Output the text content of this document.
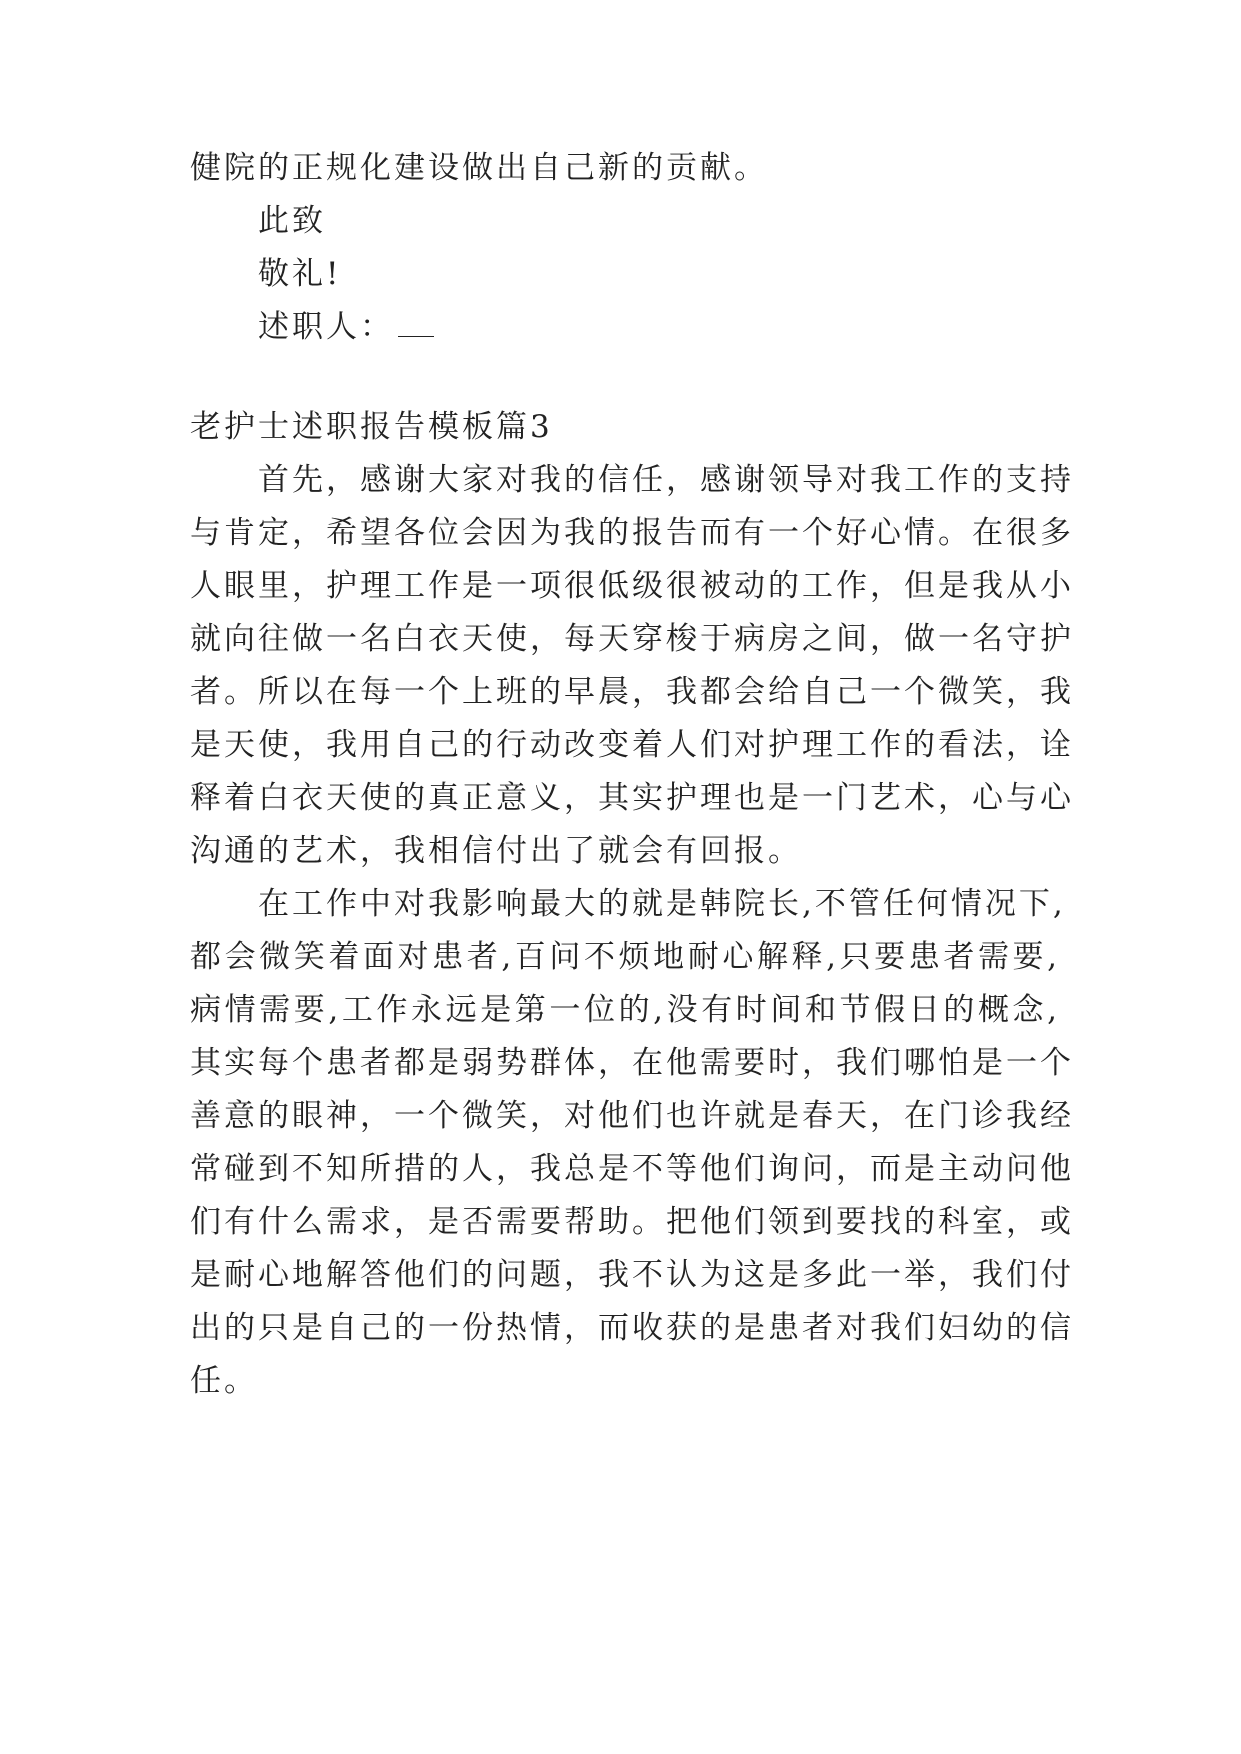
健院的正规化建设做出自己新的贡献。
此致
敬礼!
述职人：
老护士述职报告模板篇3
首先，感谢大家对我的信任，感谢领导对我工作的支持
与肯定，希望各位会因为我的报告而有一个好心情。在很多
人眼里，护理工作是一项很低级很被动的工作，但是我从小
就向往做一名白衣天使，每天穿梭于病房之间，做一名守护
者。所以在每一个上班的早晨，我都会给自己一个微笑，我
是天使，我用自己的行动改变着人们对护理工作的看法，诠
释着白衣天使的真正意义，其实护理也是一门艺术，心与心
沟通的艺术，我相信付出了就会有回报。
在工作中对我影响最大的就是韩院长,不管任何情况下,
都会微笑着面对患者,百问不烦地耐心解释,只要患者需要,
病情需要,工作永远是第一位的,没有时间和节假日的概念,
其实每个患者都是弱势群体，在他需要时，我们哪怕是一个
善意的眼神，一个微笑，对他们也许就是春天，在门诊我经
常碰到不知所措的人，我总是不等他们询问，而是主动问他
们有什么需求，是否需要帮助。把他们领到要找的科室，或
是耐心地解答他们的问题，我不认为这是多此一举，我们付
出的只是自己的一份热情，而收获的是患者对我们妇幼的信
任。
